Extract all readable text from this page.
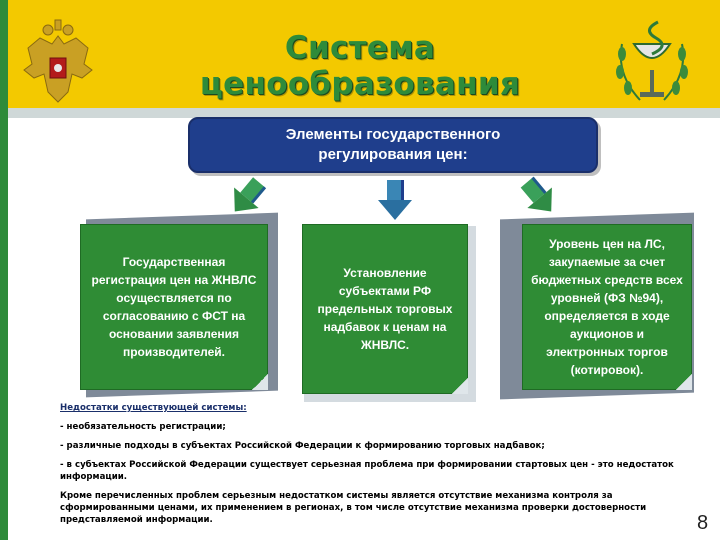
Система ценообразования
Элементы государственного регулирования цен:
Государственная регистрация цен на ЖНВЛС осуществляется по согласованию с ФСТ на основании заявления производителей.
Установление субъектами РФ предельных торговых надбавок к ценам на ЖНВЛС.
Уровень цен на ЛС, закупаемые за счет бюджетных средств всех уровней (ФЗ №94), определяется в ходе аукционов и электронных торгов (котировок).
Недостатки существующей системы:

- необязательность регистрации;

- различные подходы в субъектах Российской Федерации к формированию торговых надбавок;

- в субъектах Российской Федерации существует серьезная проблема при формировании стартовых цен - это недостаток информации.

Кроме перечисленных проблем серьезным недостатком системы является отсутствие механизма контроля за сформированными ценами, их применением в регионах, в том числе отсутствие механизма проверки достоверности представляемой информации.	8
